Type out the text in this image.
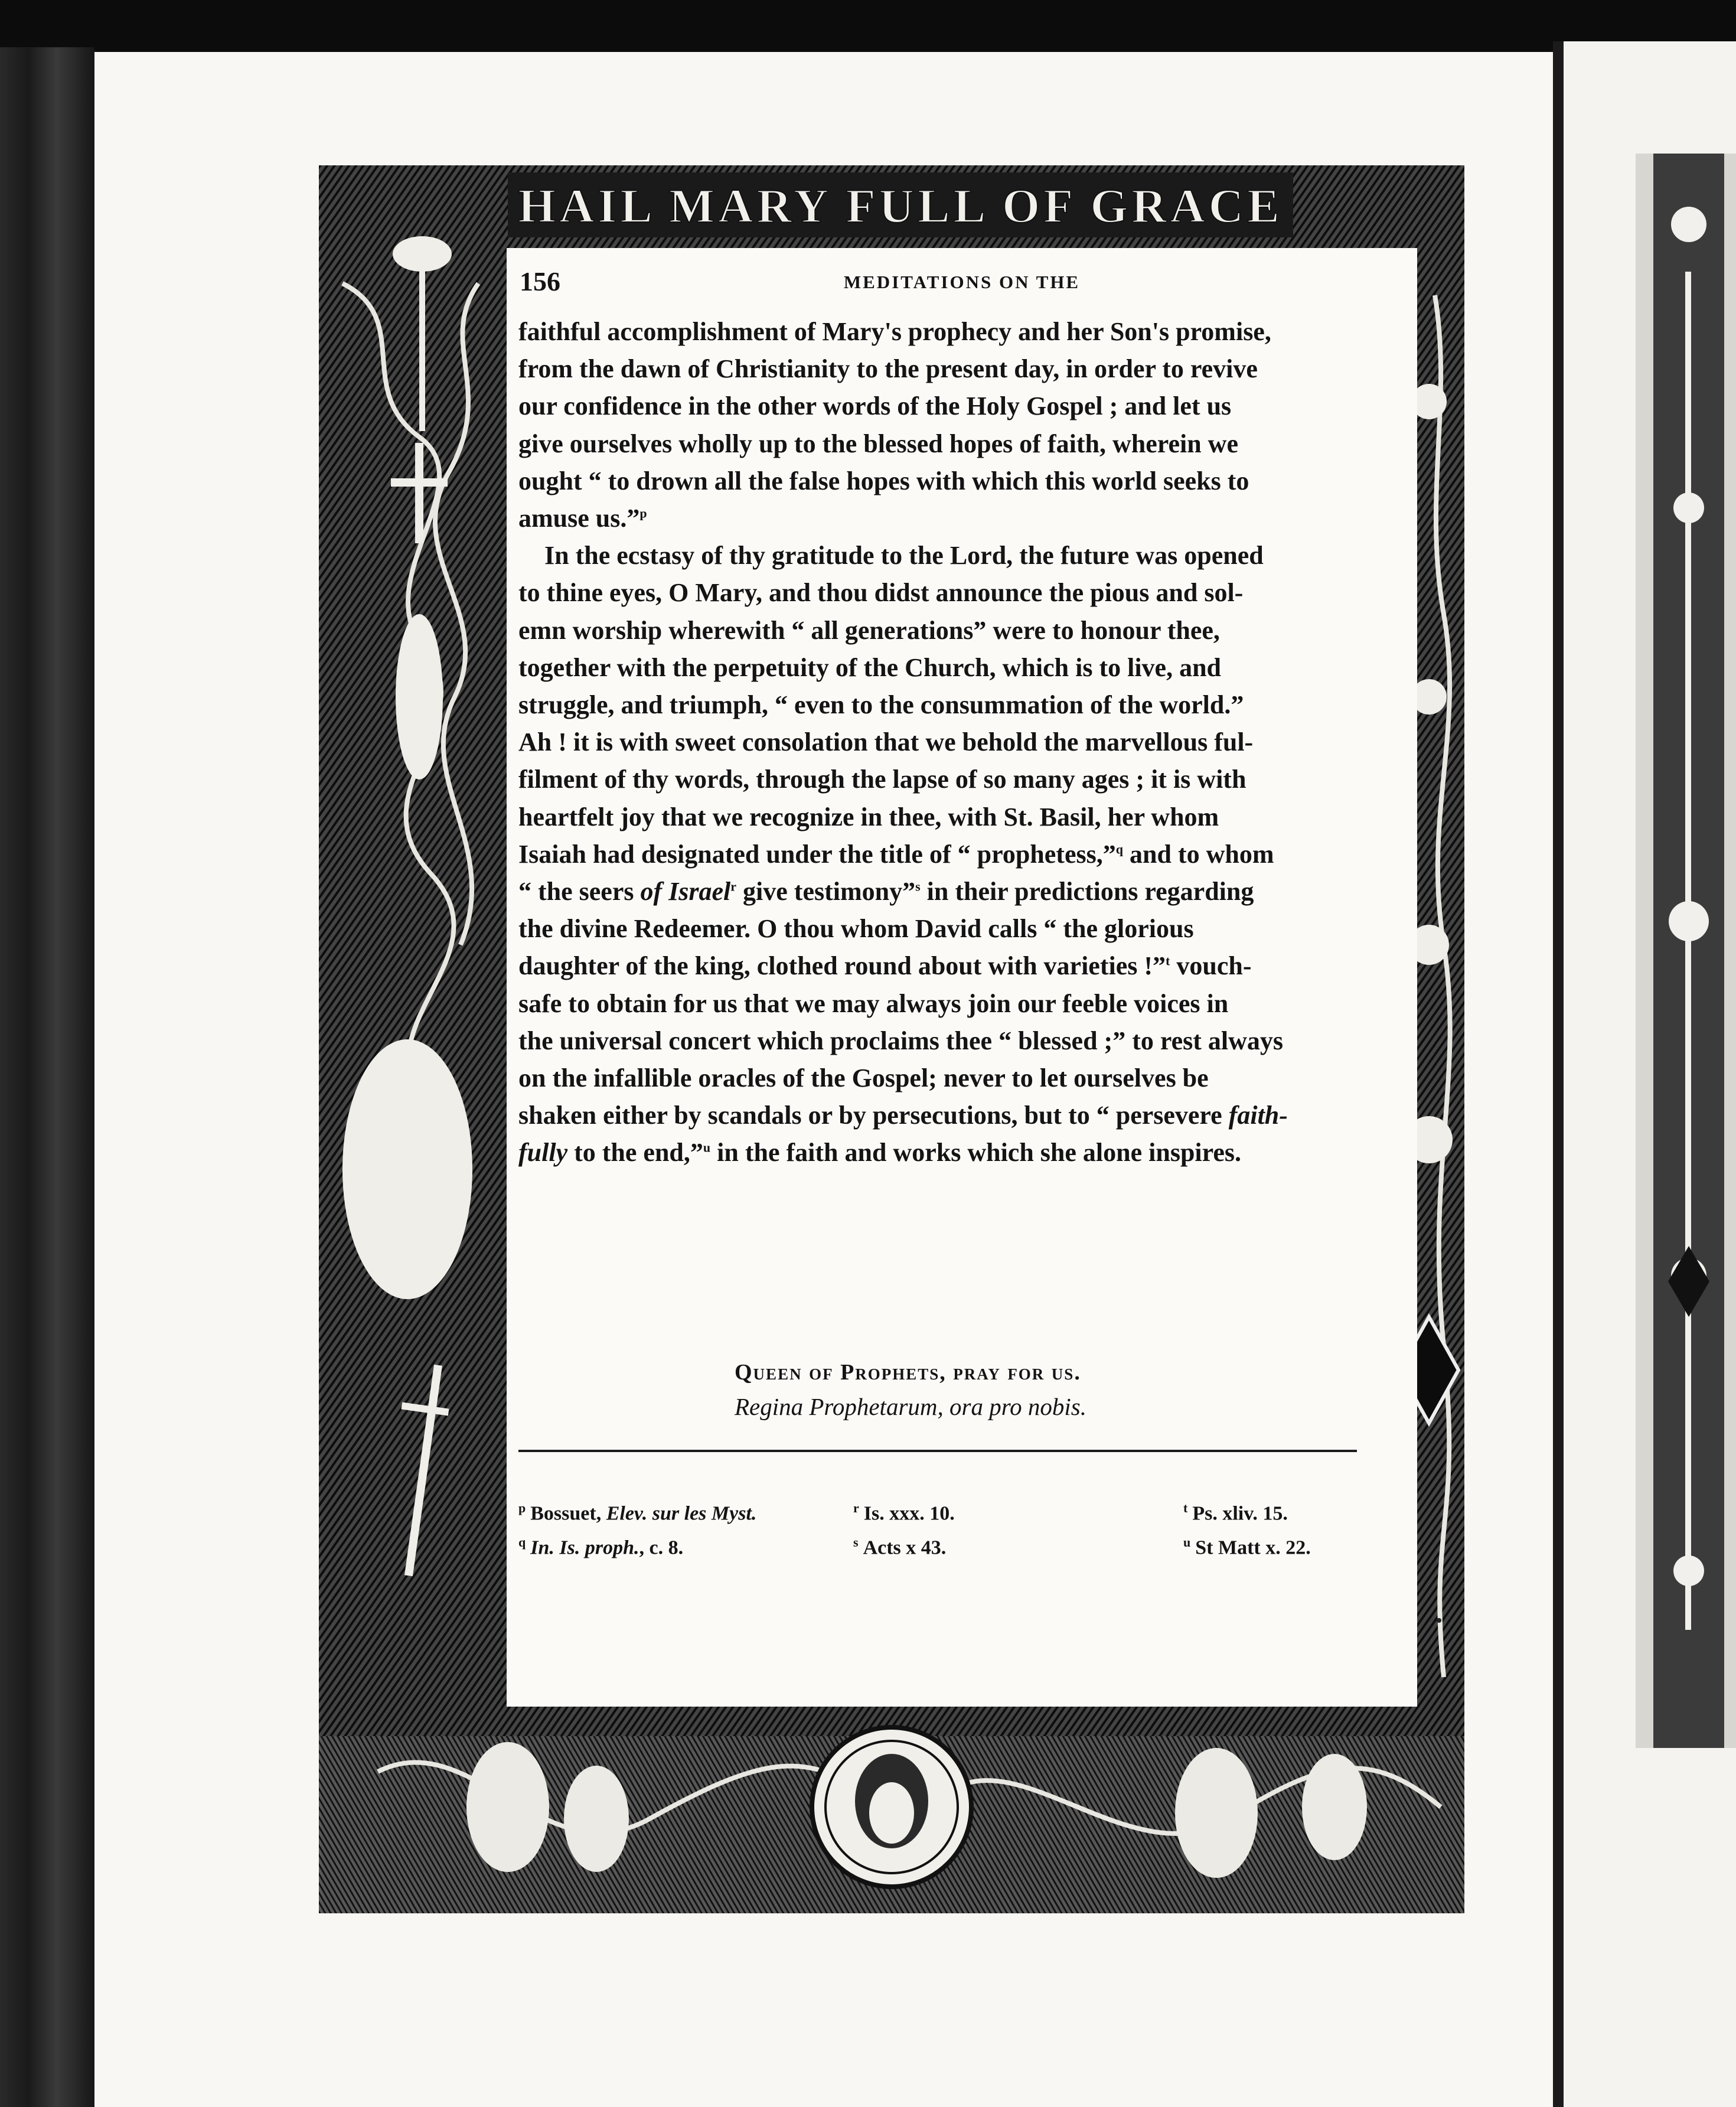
HAIL MARY FULL OF GRACE
156	MEDITATIONS ON THE
faithful accomplishment of Mary's prophecy and her Son's promise,
from the dawn of Christianity to the present day, in order to revive
our confidence in the other words of the Holy Gospel ; and let us
give ourselves wholly up to the blessed hopes of faith, wherein we
ought “ to drown all the false hopes with which this world seeks to
amuse us.”$^p$
In the ecstasy of thy gratitude to the Lord, the future was opened
to thine eyes, O Mary, and thou didst announce the pious and sol-
emn worship wherewith “ all generations” were to honour thee,
together with the perpetuity of the Church, which is to live, and
struggle, and triumph, “ even to the consummation of the world.”
Ah ! it is with sweet consolation that we behold the marvellous ful-
filment of thy words, through the lapse of so many ages ; it is with
heartfelt joy that we recognize in thee, with St. Basil, her whom
Isaiah had designated under the title of “ prophetess,”$^q$ and to whom
“ the seers of Israel$^r$ give testimony”$^s$ in their predictions regarding
the divine Redeemer. O thou whom David calls “ the glorious
daughter of the king, clothed round about with varieties !”$^t$ vouch-
safe to obtain for us that we may always join our feeble voices in
the universal concert which proclaims thee “ blessed ;” to rest always
on the infallible oracles of the Gospel; never to let ourselves be
shaken either by scandals or by persecutions, but to “ persevere faith-
fully to the end,”$^u$ in the faith and works which she alone inspires.
Queen of Prophets, pray for us.
Regina Prophetarum, ora pro nobis.
$^p$ Bossuet, Elev. sur les Myst.
$^q$ In. Is. proph., c. 8.
$^r$ Is. xxx. 10.
$^s$ Acts x 43.
$^t$ Ps. xliv. 15.
$^u$ St Matt x. 22.
